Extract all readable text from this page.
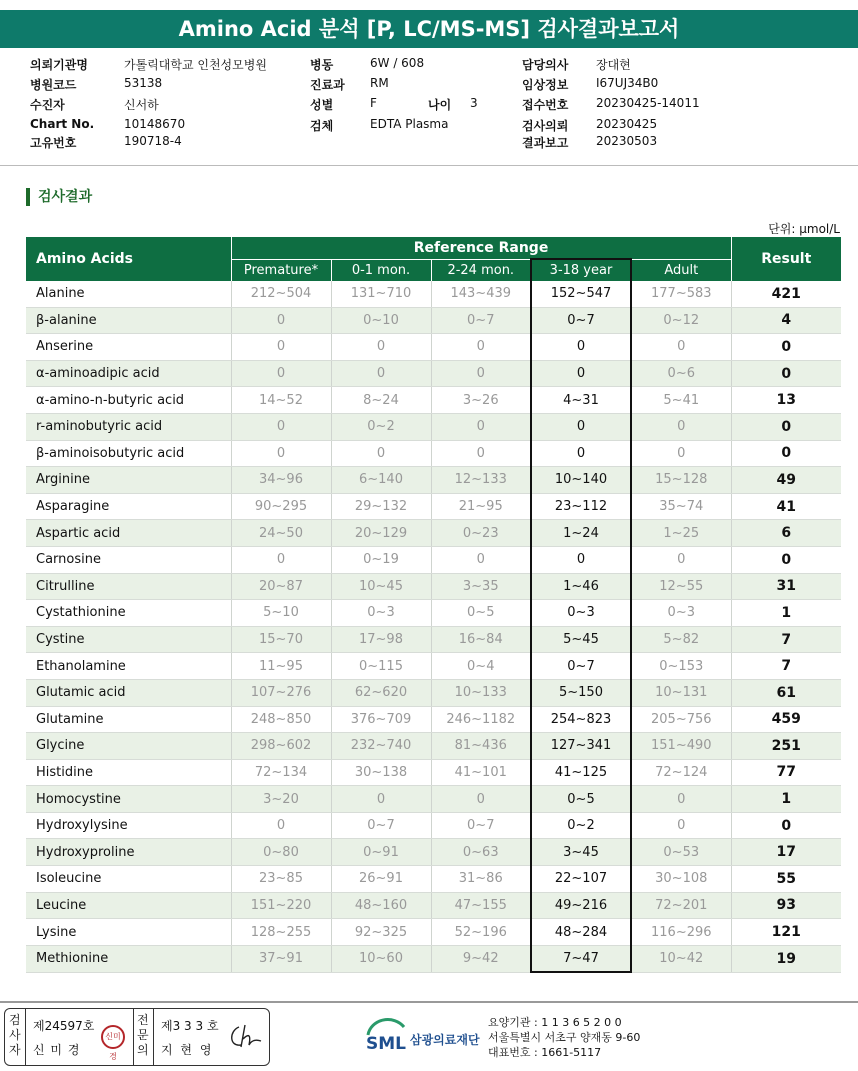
Amino Acid 분석 [P, LC/MS-MS] 검사결과보고서
의뢰기관명	가톨릭대학교 인천성모병원
병원코드	53138
수진자	신서하
Chart No. 10148670
고유번호	190718-4
병동	6W / 608
진료과 RM
성별	F
검체	EDTA Plasma
담당의사 장대현
임상정보 I67UJ34B0
접수번호 20230425-14011
검사의뢰 20230425
결과보고 20230503
나이 3
검사결과
단위: μmol/L
Amino Acids	Reference Range					Result
	Premature*	0-1 mon.	2-24 mon.	3-18 year	Adult	
Alanine	212~504	131~710	143~439	152~547	177~583	421
β-alanine	0	0~10	0~7	0~7	0~12	4
Anserine	0	0	0	0	0	0
α-aminoadipic acid	0	0	0	0	0~6	0
α-amino-n-butyric acid	14~52	8~24	3~26	4~31	5~41	13
r-aminobutyric acid	0	0~2	0	0	0	0
β-aminoisobutyric acid	0	0	0	0	0	0
Arginine	34~96	6~140	12~133	10~140	15~128	49
Asparagine	90~295	29~132	21~95	23~112	35~74	41
Aspartic acid	24~50	20~129	0~23	1~24	1~25	6
Carnosine	0	0~19	0	0	0	0
Citrulline	20~87	10~45	3~35	1~46	12~55	31
Cystathionine	5~10	0~3	0~5	0~3	0~3	1
Cystine	15~70	17~98	16~84	5~45	5~82	7
Ethanolamine	11~95	0~115	0~4	0~7	0~153	7
Glutamic acid	107~276	62~620	10~133	5~150	10~131	61
Glutamine	248~850	376~709	246~1182	254~823	205~756	459
Glycine	298~602	232~740	81~436	127~341	151~490	251
Histidine	72~134	30~138	41~101	41~125	72~124	77
Homocystine	3~20	0	0	0~5	0	1
Hydroxylysine	0	0~7	0~7	0~2	0	0
Hydroxyproline	0~80	0~91	0~63	3~45	0~53	17
Isoleucine	23~85	26~91	31~86	22~107	30~108	55
Leucine	151~220	48~160	47~155	49~216	72~201	93
Lysine	128~255	92~325	52~196	48~284	116~296	121
Methionine	37~91	10~60	9~42	7~47	10~42	19
검사자
제24597호
신 미 경
신미경
전문의
제3 3 3 호
지 현 영	SML 삼광의료재단
요양기관 : 1 1 3 6 5 2 0 0
서울특별시 서초구 양재동 9-60
대표번호 : 1661-5117
